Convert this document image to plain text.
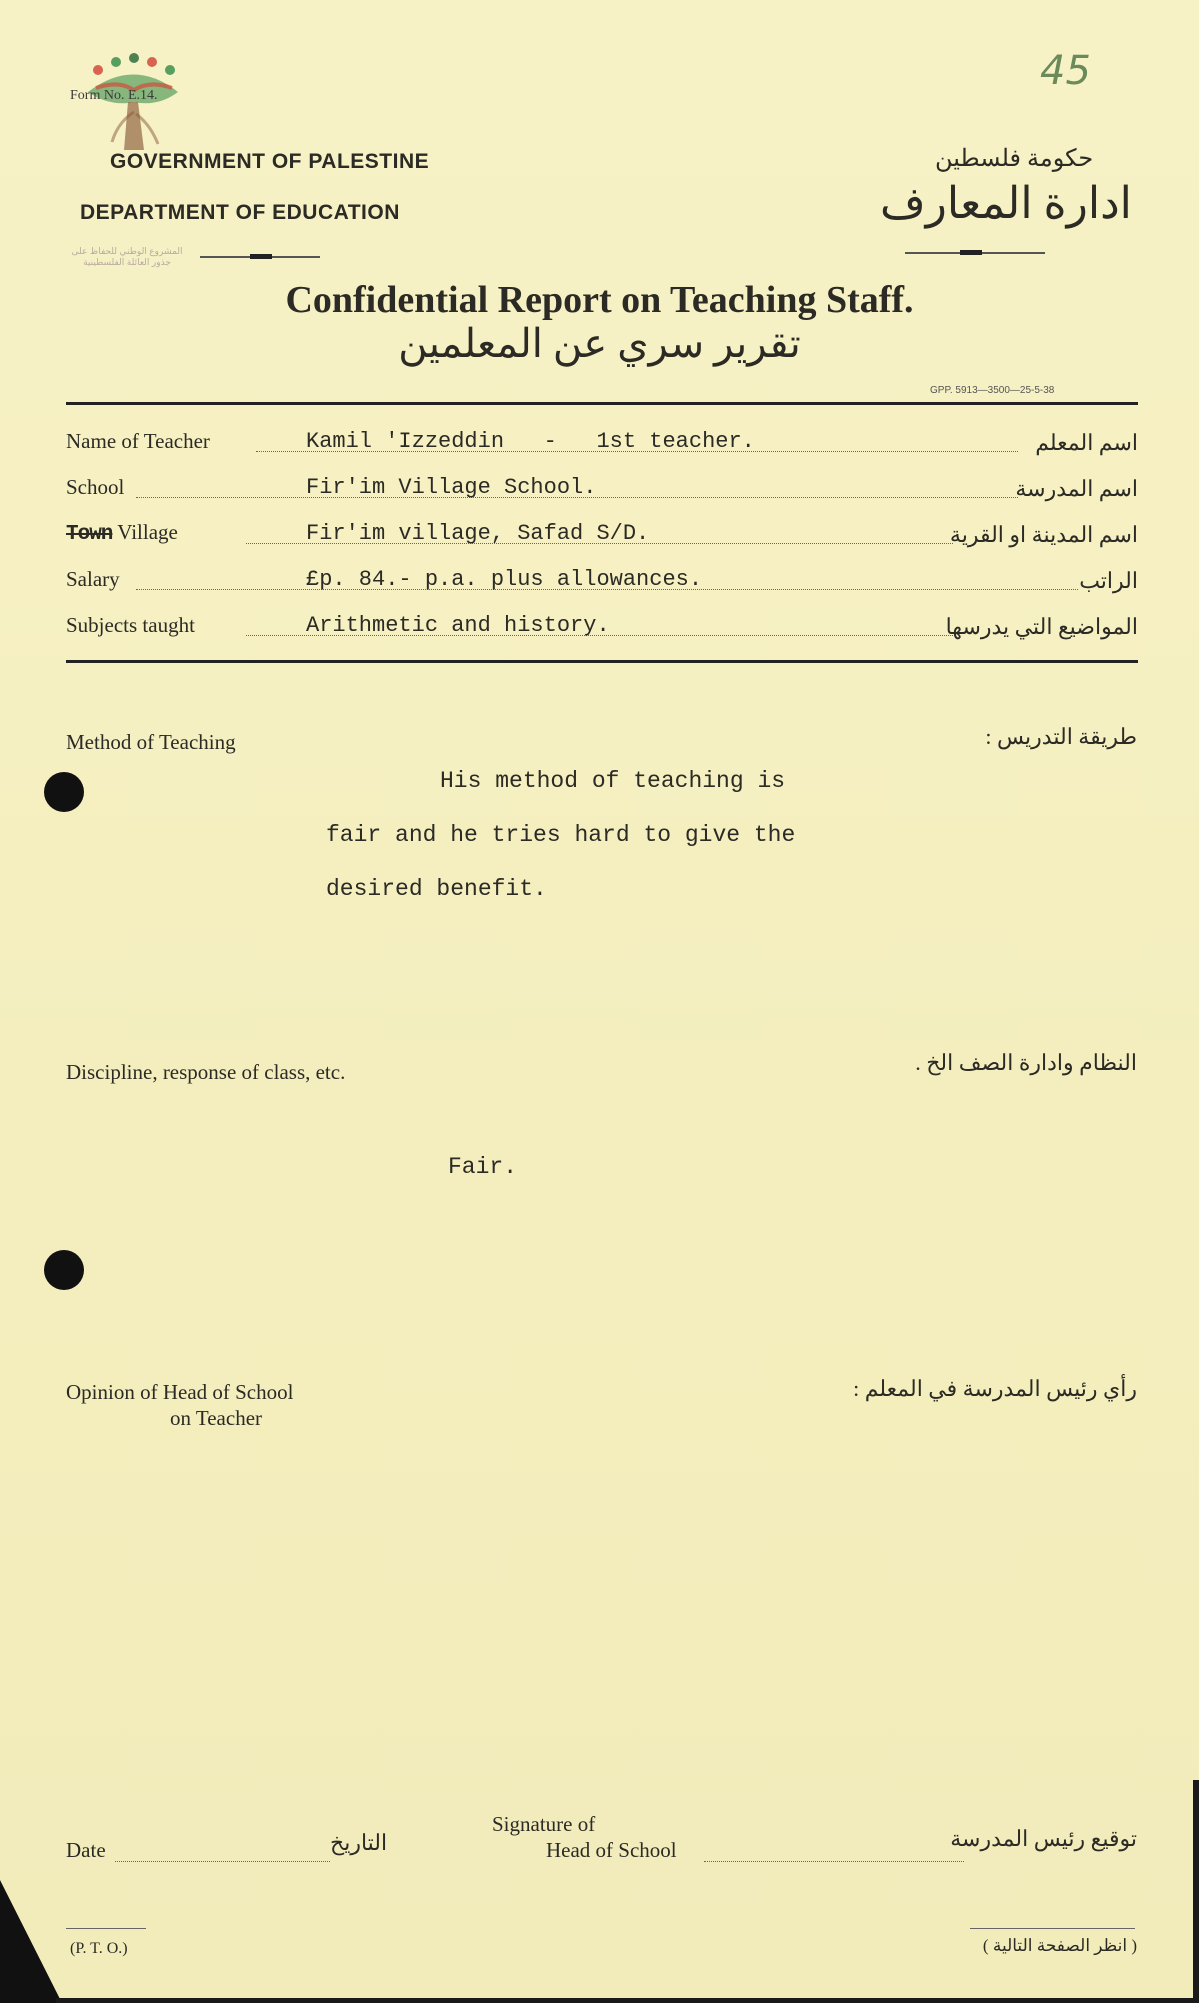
Form No. E.14.
GOVERNMENT OF PALESTINE
DEPARTMENT OF EDUCATION
المشروع الوطني للحفاظ على جذور العائلة الفلسطينية
45
حكومة فلسطين
ادارة المعارف
Confidential Report on Teaching Staff.
تقرير سري عن المعلمين
GPP. 5913—3500—25-5-38
Name of Teacher	Kamil 'Izzeddin   -   1st teacher.	اسم المعلم
School	Fir'im Village School.	اسم المدرسة
Town Village	Fir'im village, Safad S/D.	اسم المدينة او القرية
Salary	£p. 84.- p.a. plus allowances.	الراتب
Subjects taught	Arithmetic and history.	المواضيع التي يدرسها
Method of Teaching	طريقة التدريس :
His method of teaching is
fair and he tries hard to give the
desired benefit.
Discipline, response of class, etc.	النظام وادارة الصف الخ .
Fair.
Opinion of Head of School
on Teacher
رأي رئيس المدرسة في المعلم :
Date	التاريخ
Signature of
Head of School	توقيع رئيس المدرسة
(P. T. O.)	( انظر الصفحة التالية )
